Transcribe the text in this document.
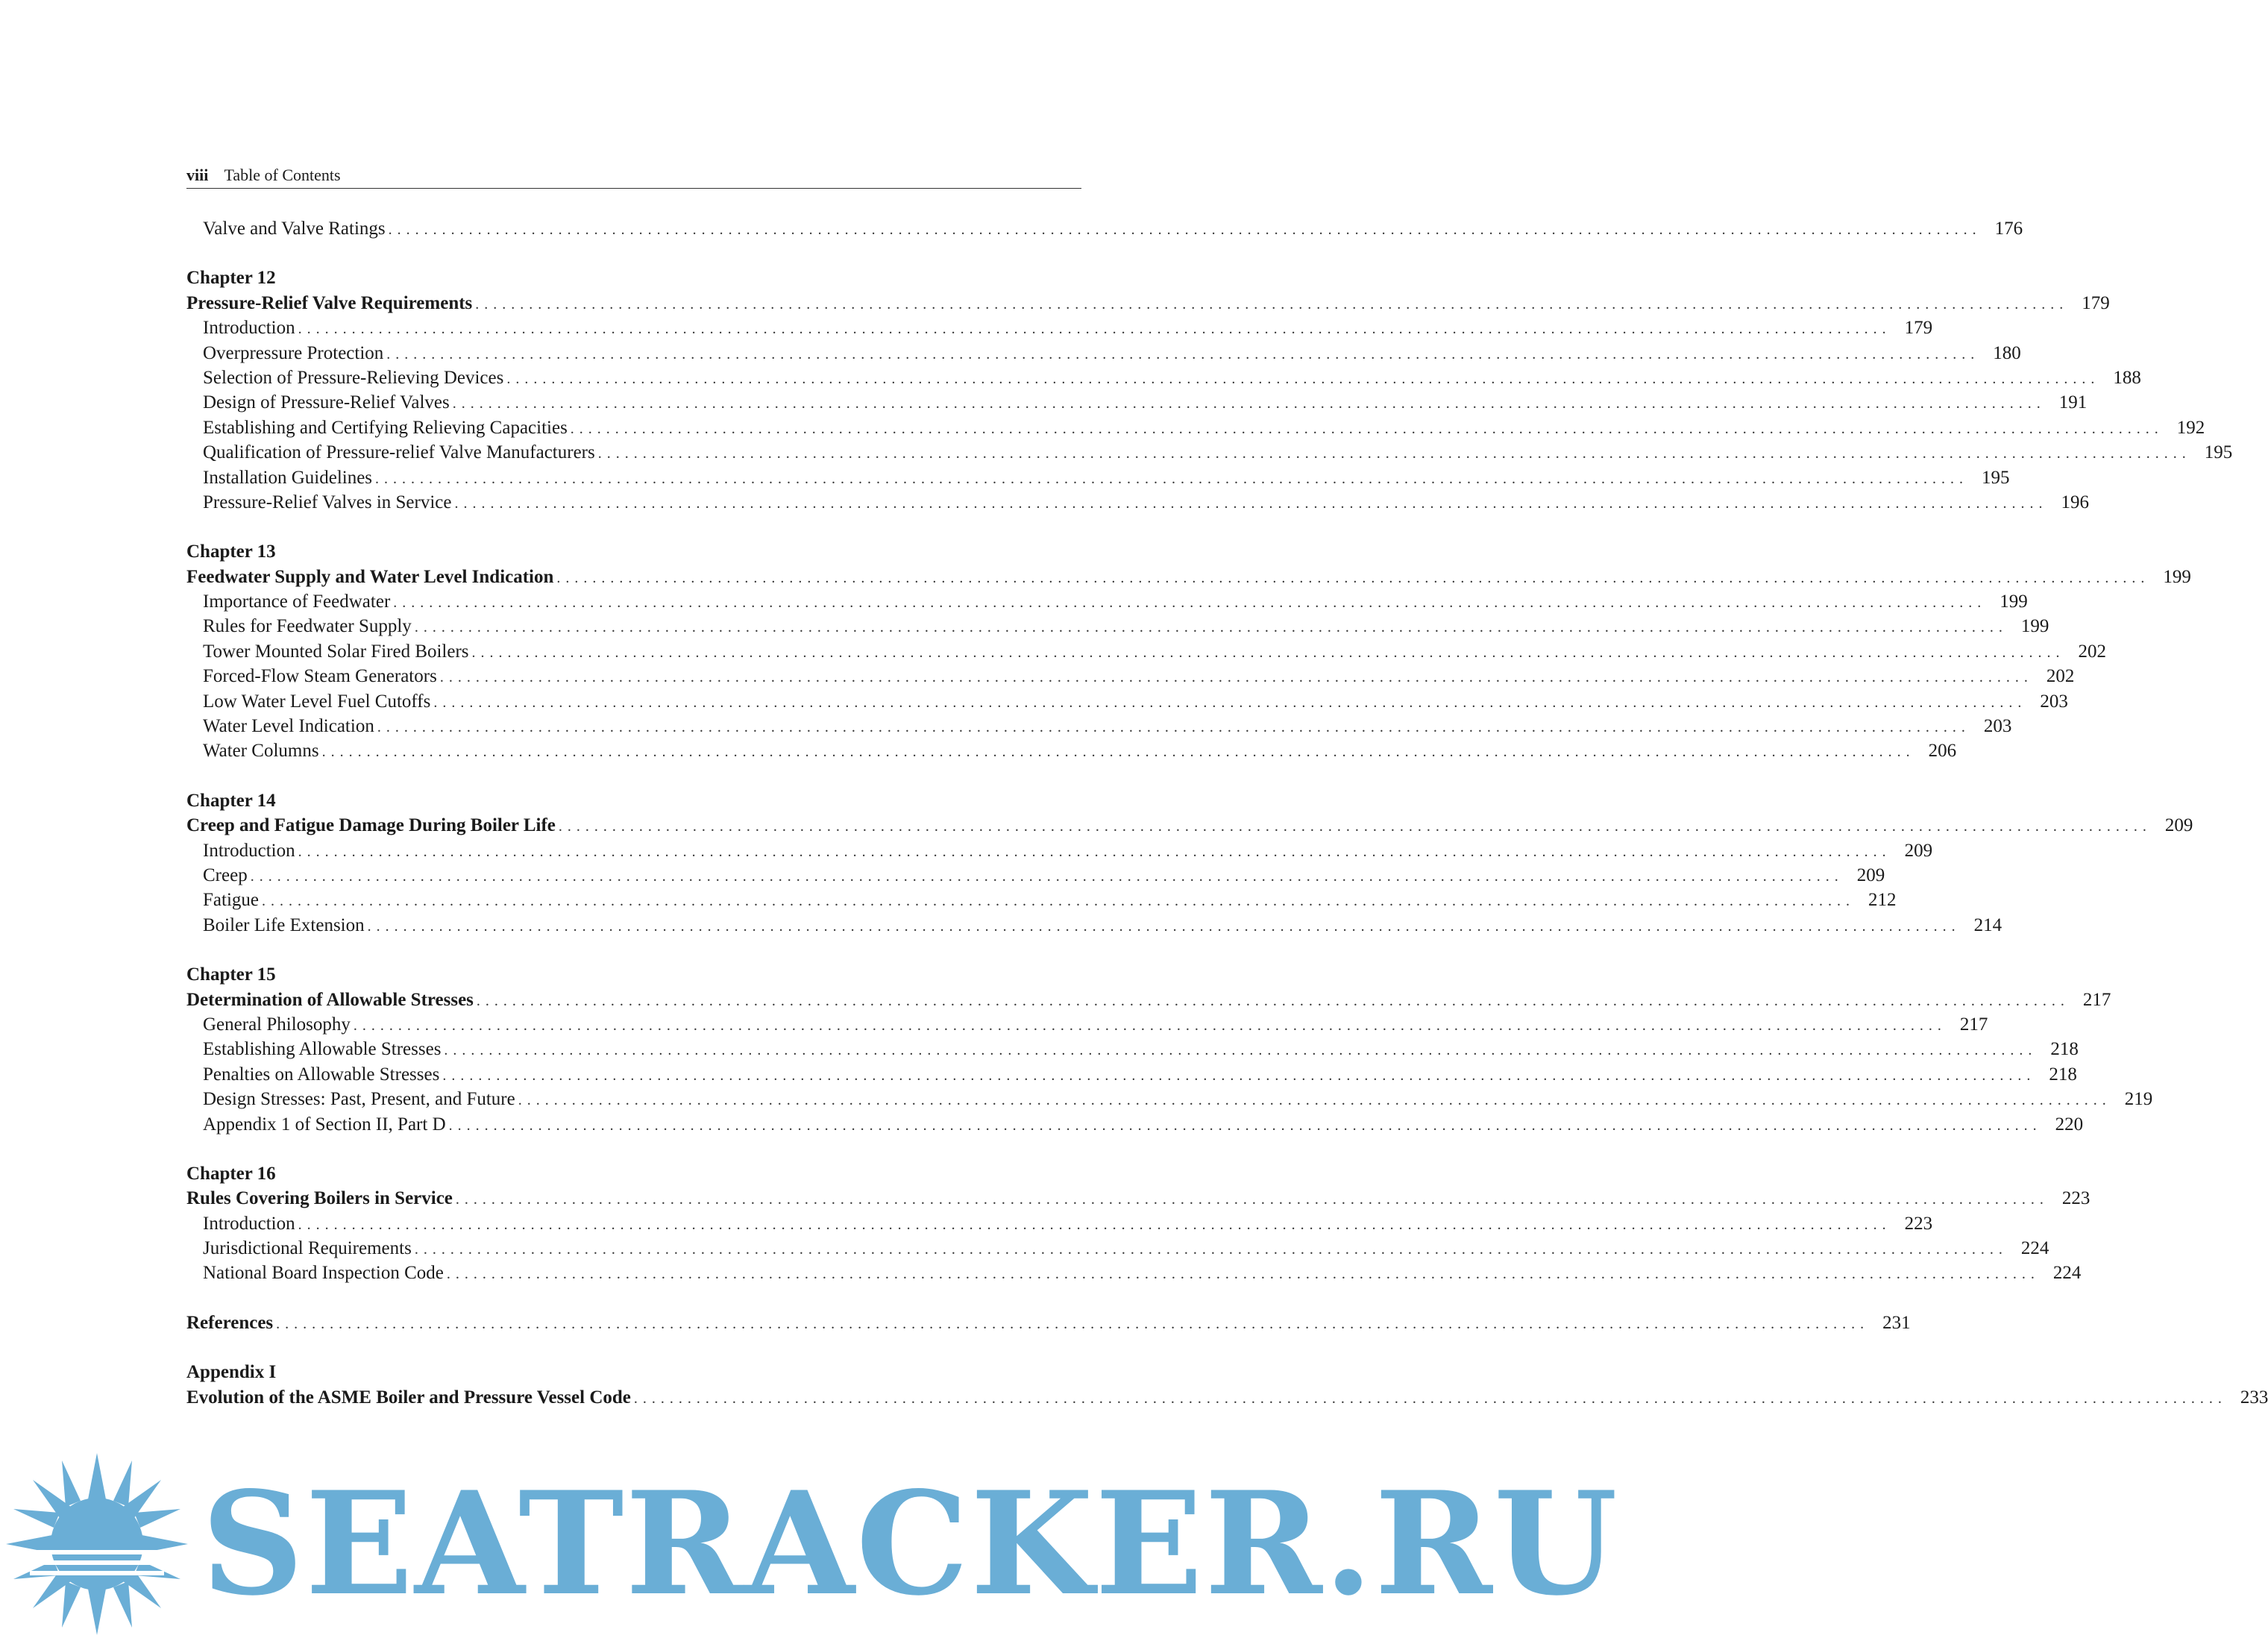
viii Table of Contents
Valve and Valve Ratings . . .	176
Chapter 12
Pressure-Relief Valve Requirements . . .	179
Introduction . . .	179
Overpressure Protection . . .	180
Selection of Pressure-Relieving Devices . . .	188
Design of Pressure-Relief Valves . . .	191
Establishing and Certifying Relieving Capacities . . .	192
Qualification of Pressure-relief Valve Manufacturers . . .	195
Installation Guidelines . . .	195
Pressure-Relief Valves in Service . . .	196
Chapter 13
Feedwater Supply and Water Level Indication . . .	199
Importance of Feedwater . . .	199
Rules for Feedwater Supply . . .	199
Tower Mounted Solar Fired Boilers . . .	202
Forced-Flow Steam Generators . . .	202
Low Water Level Fuel Cutoffs . . .	203
Water Level Indication . . .	203
Water Columns . . .	206
Chapter 14
Creep and Fatigue Damage During Boiler Life . . .	209
Introduction . . .	209
Creep . . .	209
Fatigue . . .	212
Boiler Life Extension . . .	214
Chapter 15
Determination of Allowable Stresses . . .	217
General Philosophy . . .	217
Establishing Allowable Stresses . . .	218
Penalties on Allowable Stresses . . .	218
Design Stresses: Past, Present, and Future . . .	219
Appendix 1 of Section II, Part D . . .	220
Chapter 16
Rules Covering Boilers in Service . . .	223
Introduction . . .	223
Jurisdictional Requirements . . .	224
National Board Inspection Code . . .	224
References . . .	231
Appendix I
Evolution of the ASME Boiler and Pressure Vessel Code . . .	233
SEATRACKER.RU
